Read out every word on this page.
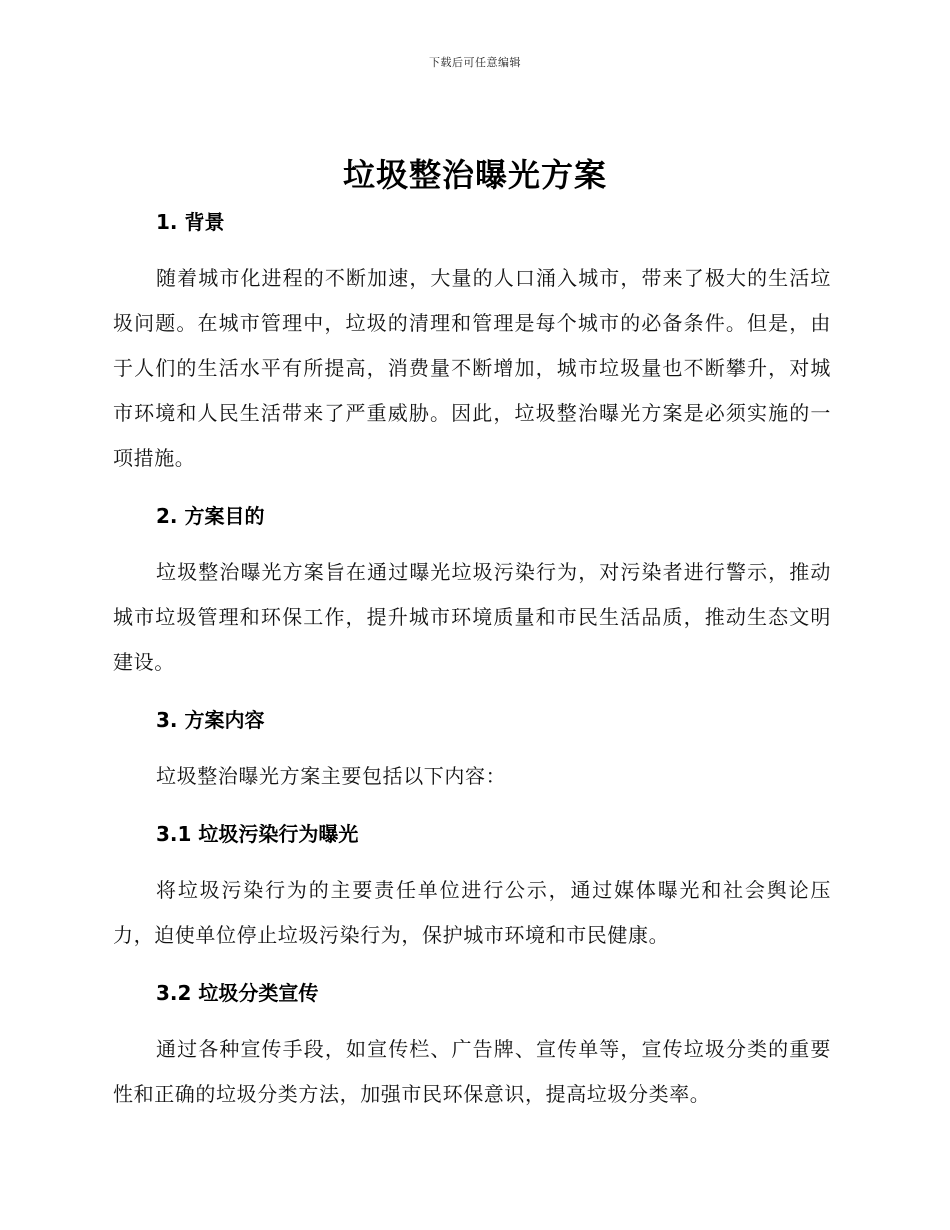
下载后可任意编辑
垃圾整治曝光方案
1. 背景

随着城市化进程的不断加速，大量的人口涌入城市，带来了极大的生活垃圾问题。在城市管理中，垃圾的清理和管理是每个城市的必备条件。但是，由于人们的生活水平有所提高，消费量不断增加，城市垃圾量也不断攀升，对城市环境和人民生活带来了严重威胁。因此，垃圾整治曝光方案是必须实施的一项措施。

2. 方案目的

垃圾整治曝光方案旨在通过曝光垃圾污染行为，对污染者进行警示，推动城市垃圾管理和环保工作，提升城市环境质量和市民生活品质，推动生态文明建设。

3. 方案内容

垃圾整治曝光方案主要包括以下内容：

3.1 垃圾污染行为曝光

将垃圾污染行为的主要责任单位进行公示，通过媒体曝光和社会舆论压力，迫使单位停止垃圾污染行为，保护城市环境和市民健康。

3.2 垃圾分类宣传

通过各种宣传手段，如宣传栏、广告牌、宣传单等，宣传垃圾分类的重要性和正确的垃圾分类方法，加强市民环保意识，提高垃圾分类率。
